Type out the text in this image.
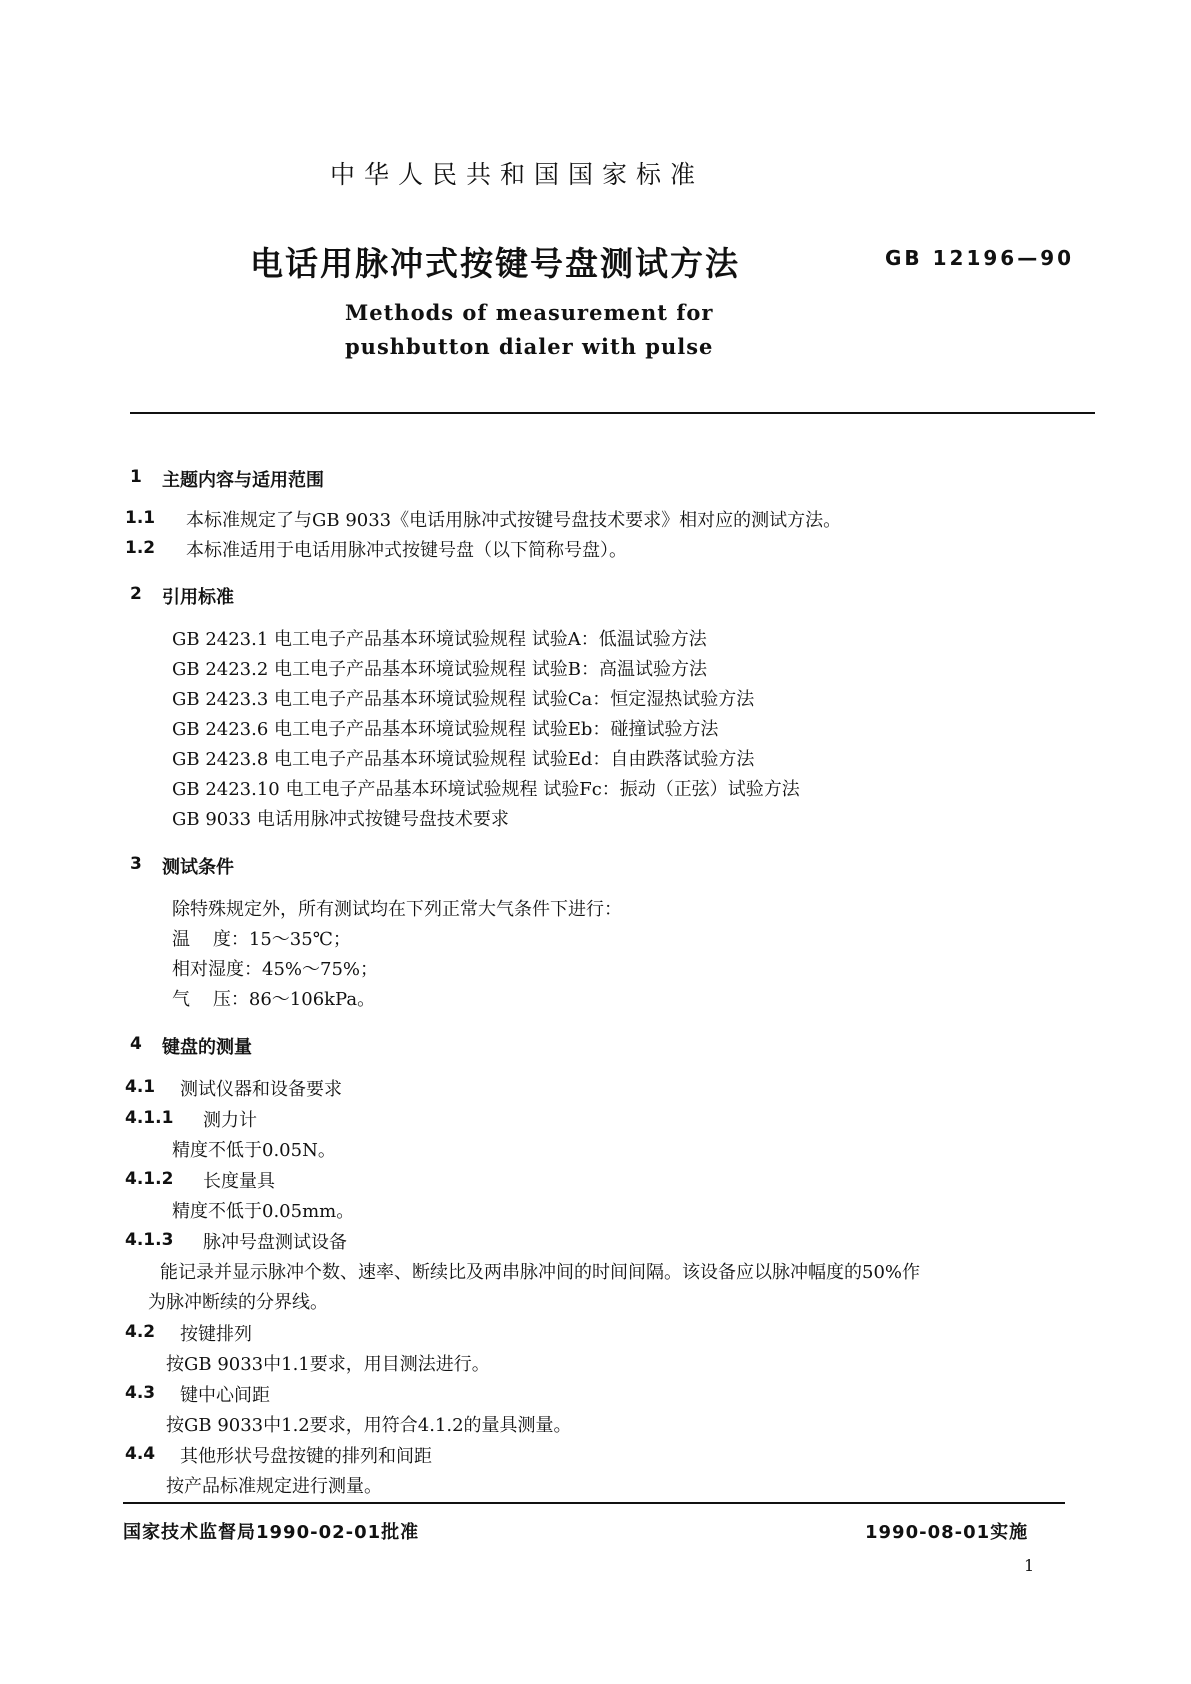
中华人民共和国国家标准
电话用脉冲式按键号盘测试方法	GB 12196—90
Methods of measurement for
pushbutton dialer with pulse
1 主题内容与适用范围
1.1 本标准规定了与GB 9033《电话用脉冲式按键号盘技术要求》相对应的测试方法。
1.2 本标准适用于电话用脉冲式按键号盘（以下简称号盘）。
2 引用标准
GB 2423.1 电工电子产品基本环境试验规程 试验A：低温试验方法
GB 2423.2 电工电子产品基本环境试验规程 试验B：高温试验方法
GB 2423.3 电工电子产品基本环境试验规程 试验Ca：恒定湿热试验方法
GB 2423.6 电工电子产品基本环境试验规程 试验Eb：碰撞试验方法
GB 2423.8 电工电子产品基本环境试验规程 试验Ed：自由跌落试验方法
GB 2423.10 电工电子产品基本环境试验规程 试验Fc：振动（正弦）试验方法
GB 9033 电话用脉冲式按键号盘技术要求
3 测试条件
除特殊规定外，所有测试均在下列正常大气条件下进行：
温    度：15～35℃；
相对湿度：45%～75%；
气    压：86～106kPa。
4 键盘的测量
4.1 测试仪器和设备要求
4.1.1 测力计
精度不低于0.05N。
4.1.2 长度量具
精度不低于0.05mm。
4.1.3 脉冲号盘测试设备
能记录并显示脉冲个数、速率、断续比及两串脉冲间的时间间隔。该设备应以脉冲幅度的50%作
为脉冲断续的分界线。
4.2 按键排列
按GB 9033中1.1要求，用目测法进行。
4.3 键中心间距
按GB 9033中1.2要求，用符合4.1.2的量具测量。
4.4 其他形状号盘按键的排列和间距
按产品标准规定进行测量。
国家技术监督局1990-02-01批准	1990-08-01实施
1
